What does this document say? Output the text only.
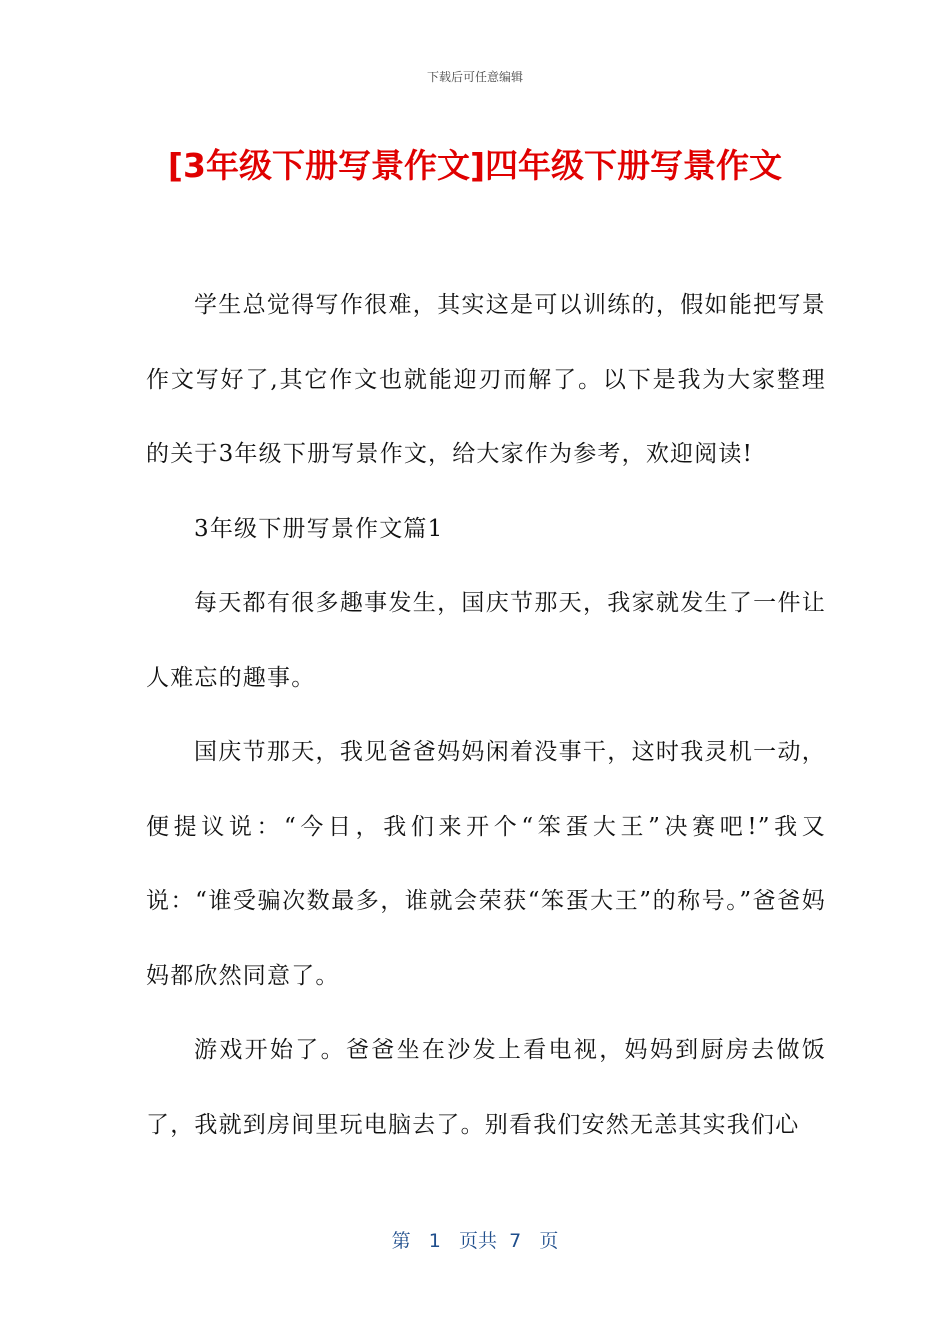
下载后可任意编辑
[3年级下册写景作文]四年级下册写景作文

学生总觉得写作很难，其实这是可以训练的，假如能把写景作文写好了,其它作文也就能迎刃而解了。以下是我为大家整理的关于3年级下册写景作文，给大家作为参考，欢迎阅读!

3年级下册写景作文篇1

每天都有很多趣事发生，国庆节那天，我家就发生了一件让人难忘的趣事。

国庆节那天，我见爸爸妈妈闲着没事干，这时我灵机一动，便提议说：“今日，我们来开个“笨蛋大王”决赛吧!”我又说：“谁受骗次数最多，谁就会荣获“笨蛋大王”的称号。”爸爸妈妈都欣然同意了。

游戏开始了。爸爸坐在沙发上看电视，妈妈到厨房去做饭了，我就到房间里玩电脑去了。别看我们安然无恙其实我们心

第 1 页共 7 页
